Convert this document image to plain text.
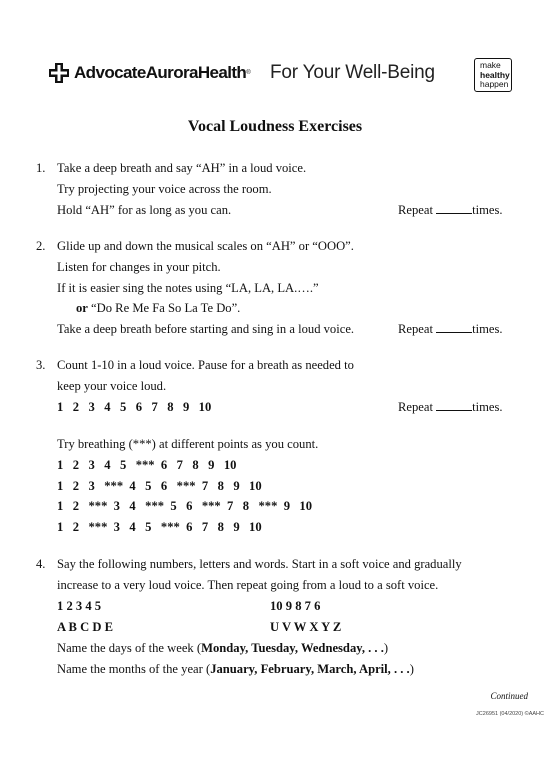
AdvocateAuroraHealth ® For Your Well-Being	make
healthy
happen
Vocal Loudness Exercises
1. Take a deep breath and say “AH” in a loud voice.
Try projecting your voice across the room.
Hold “AH” for as long as you can.	Repeat	times.
2. Glide up and down the musical scales on “AH” or “OOO”.
Listen for changes in your pitch.
If it is easier sing the notes using “LA, LA, LA.….”
or “Do Re Me Fa So La Te Do”.
Take a deep breath before starting and sing in a loud voice.	Repeat	times.
3. Count 1-10 in a loud voice. Pause for a breath as needed to
keep your voice loud.
1   2   3   4   5   6   7   8   9   10	Repeat	times.
Try breathing (***) at different points as you count.
1   2   3   4   5   ***  6   7   8   9   10
1   2   3   ***  4   5   6   ***  7   8   9   10
1   2   ***  3   4   ***  5   6   ***  7   8   ***  9   10
1   2   ***  3   4   5   ***  6   7   8   9   10
4. Say the following numbers, letters and words. Start in a soft voice and gradually
increase to a very loud voice. Then repeat going from a loud to a soft voice.
1 2 3 4 5	10 9 8 7 6
A B C D E	U V W X Y Z
Name the days of the week (Monday, Tuesday, Wednesday, . . .)
Name the months of the year (January, February, March, April, . . .)
Continued
JC26951 (04/2020) ©AAHC
